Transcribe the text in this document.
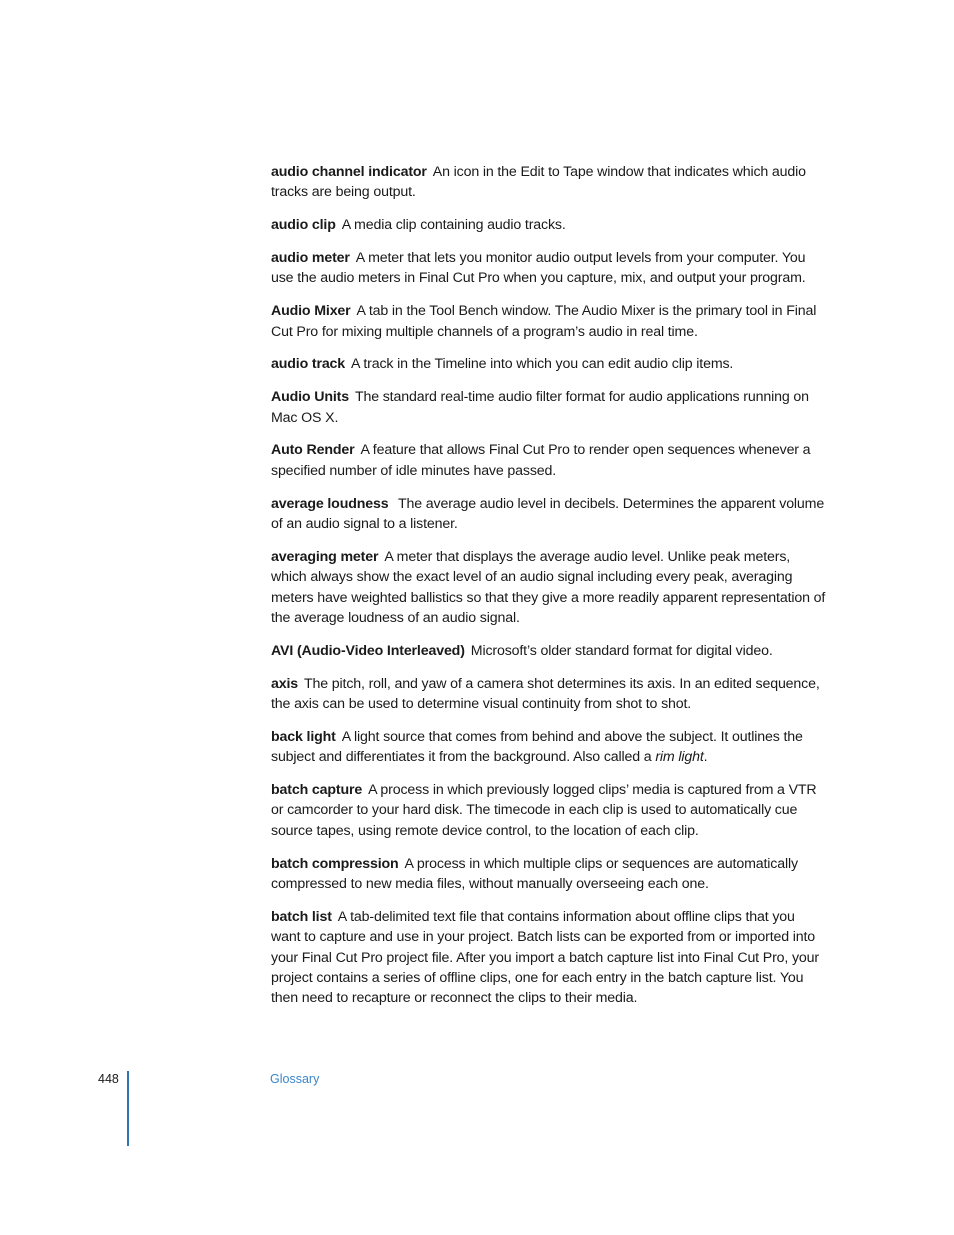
audio channel indicator An icon in the Edit to Tape window that indicates which audio tracks are being output.

audio clip A media clip containing audio tracks.

audio meter A meter that lets you monitor audio output levels from your computer. You use the audio meters in Final Cut Pro when you capture, mix, and output your program.

Audio Mixer A tab in the Tool Bench window. The Audio Mixer is the primary tool in Final Cut Pro for mixing multiple channels of a program’s audio in real time.

audio track A track in the Timeline into which you can edit audio clip items.

Audio Units The standard real-time audio filter format for audio applications running on Mac OS X.

Auto Render A feature that allows Final Cut Pro to render open sequences whenever a specified number of idle minutes have passed.

average loudness The average audio level in decibels. Determines the apparent volume of an audio signal to a listener.

averaging meter A meter that displays the average audio level. Unlike peak meters, which always show the exact level of an audio signal including every peak, averaging meters have weighted ballistics so that they give a more readily apparent representation of the average loudness of an audio signal.

AVI (Audio-Video Interleaved) Microsoft’s older standard format for digital video.

axis The pitch, roll, and yaw of a camera shot determines its axis. In an edited sequence, the axis can be used to determine visual continuity from shot to shot.

back light A light source that comes from behind and above the subject. It outlines the subject and differentiates it from the background. Also called a rim light.

batch capture A process in which previously logged clips’ media is captured from a VTR or camcorder to your hard disk. The timecode in each clip is used to automatically cue source tapes, using remote device control, to the location of each clip.

batch compression A process in which multiple clips or sequences are automatically compressed to new media files, without manually overseeing each one.

batch list A tab-delimited text file that contains information about offline clips that you want to capture and use in your project. Batch lists can be exported from or imported into your Final Cut Pro project file. After you import a batch capture list into Final Cut Pro, your project contains a series of offline clips, one for each entry in the batch capture list. You then need to recapture or reconnect the clips to their media.

448	Glossary
